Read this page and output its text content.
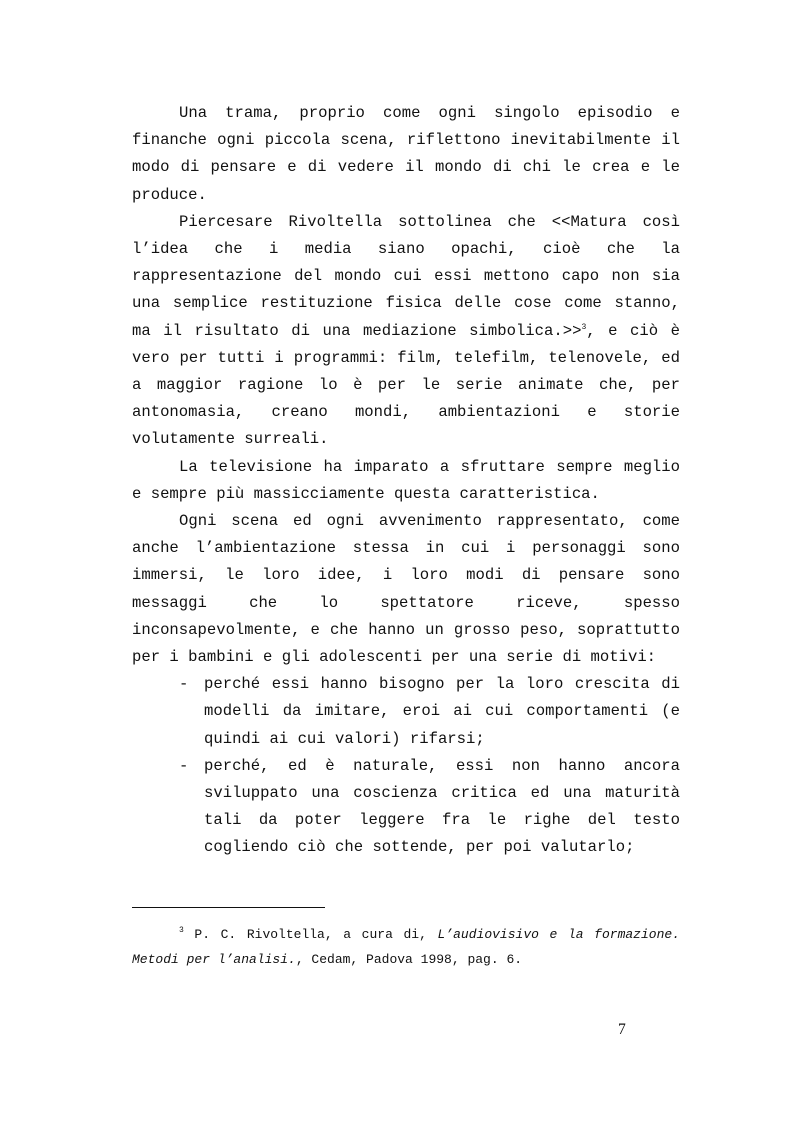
Una trama, proprio come ogni singolo episodio e finanche ogni piccola scena, riflettono inevitabilmente il modo di pensare e di vedere il mondo di chi le crea e le produce.

Piercesare Rivoltella sottolinea che <<Matura così l’idea che i media siano opachi, cioè che la rappresentazione del mondo cui essi mettono capo non sia una semplice restituzione fisica delle cose come stanno, ma il risultato di una mediazione simbolica.>>$^3$, e ciò è vero per tutti i programmi: film, telefilm, telenovele, ed a maggior ragione lo è per le serie animate che, per antonomasia, creano mondi, ambientazioni e storie volutamente surreali.

La televisione ha imparato a sfruttare sempre meglio e sempre più massicciamente questa caratteristica.

Ogni scena ed ogni avvenimento rappresentato, come anche l’ambientazione stessa in cui i personaggi sono immersi, le loro idee, i loro modi di pensare sono messaggi che lo spettatore riceve, spesso inconsapevolmente, e che hanno un grosso peso, soprattutto per i bambini e gli adolescenti per una serie di motivi:

- perché essi hanno bisogno per la loro crescita di modelli da imitare, eroi ai cui comportamenti (e quindi ai cui valori) rifarsi;
- perché, ed è naturale, essi non hanno ancora sviluppato una coscienza critica ed una maturità tali da poter leggere fra le righe del testo cogliendo ciò che sottende, per poi valutarlo;
$^3$ P. C. Rivoltella, a cura di, L’audiovisivo e la formazione. Metodi per l’analisi., Cedam, Padova 1998, pag. 6.
7
